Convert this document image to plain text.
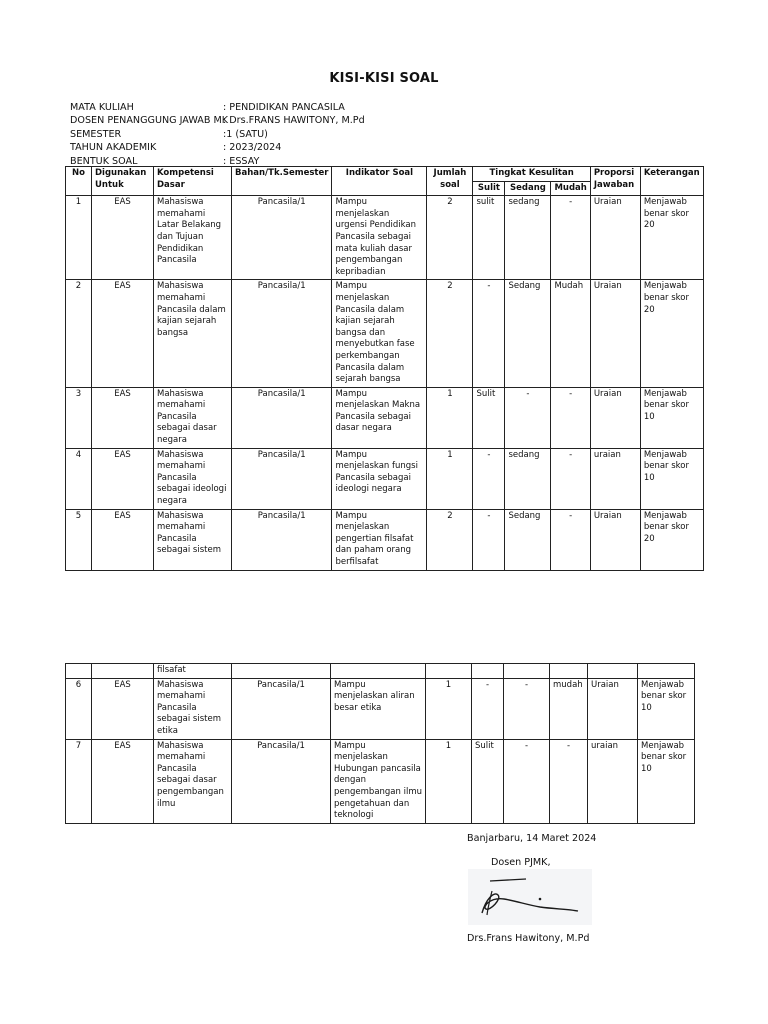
KISI-KISI SOAL
MATA KULIAH	: PENDIDIKAN PANCASILA
DOSEN PENANGGUNG JAWAB MK
: Drs.FRANS HAWITONY, M.Pd
SEMESTER	:1 (SATU)
TAHUN AKADEMIK	: 2023/2024
BENTUK SOAL	: ESSAY
No	Digunakan Untuk	Kompetensi Dasar	Bahan/Tk.Semester	Indikator Soal	Jumlah soal	Tingkat Kesulitan			Proporsi Jawaban	Keterangan
						Sulit	Sedang	Mudah		
1	EAS	Mahasiswa memahami Latar Belakang dan Tujuan Pendidikan Pancasila	Pancasila/1	Mampu menjelaskan urgensi Pendidikan Pancasila sebagai mata kuliah dasar pengembangan kepribadian	2	sulit	sedang	-	Uraian	Menjawab benar skor 20
2	EAS	Mahasiswa memahami Pancasila dalam kajian sejarah bangsa	Pancasila/1	Mampu menjelaskan Pancasila dalam kajian sejarah bangsa dan menyebutkan fase perkembangan Pancasila dalam sejarah bangsa	2	-	Sedang	Mudah	Uraian	Menjawab benar skor 20
3	EAS	Mahasiswa memahami Pancasila sebagai dasar negara	Pancasila/1	Mampu menjelaskan Makna Pancasila sebagai dasar negara	1	Sulit	-	-	Uraian	Menjawab benar skor 10
4	EAS	Mahasiswa memahami Pancasila sebagai ideologi negara	Pancasila/1	Mampu menjelaskan fungsi Pancasila sebagai ideologi negara	1	-	sedang	-	uraian	Menjawab benar skor 10
5	EAS	Mahasiswa memahami Pancasila sebagai sistem	Pancasila/1	Mampu menjelaskan pengertian filsafat dan paham orang berfilsafat	2	-	Sedang	-	Uraian	Menjawab benar skor 20
		filsafat								
6	EAS	Mahasiswa memahami Pancasila sebagai sistem etika	Pancasila/1	Mampu menjelaskan aliran besar etika	1	-	-	mudah	Uraian	Menjawab benar skor 10
7	EAS	Mahasiswa memahami Pancasila sebagai dasar pengembangan ilmu	Pancasila/1	Mampu menjelaskan Hubungan pancasila dengan pengembangan ilmu pengetahuan dan teknologi	1	Sulit	-	-	uraian	Menjawab benar skor 10
Banjarbaru, 14 Maret 2024
Dosen PJMK,
Drs.Frans Hawitony, M.Pd
